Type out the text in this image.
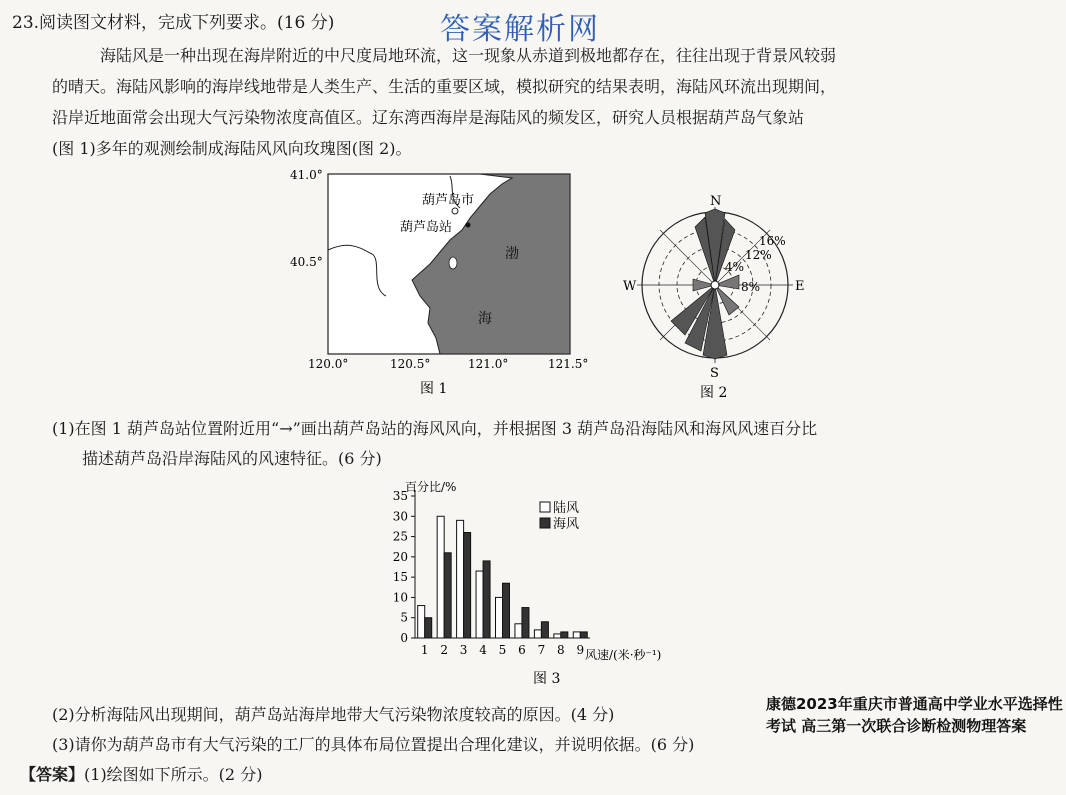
23.阅读图文材料，完成下列要求。(16 分)	答案解析网
海陆风是一种出现在海岸附近的中尺度局地环流，这一现象从赤道到极地都存在，往往出现于背景风较弱
的晴天。海陆风影响的海岸线地带是人类生产、生活的重要区域，模拟研究的结果表明，海陆风环流出现期间，
沿岸近地面常会出现大气污染物浓度高值区。辽东湾西海岸是海陆风的频发区，研究人员根据葫芦岛气象站
(图 1)多年的观测绘制成海陆风风向玫瑰图(图 2)。
葫芦岛市
葫芦岛站
渤
海
41.0°
40.5°
120.0°	120.5°	121.0°	121.5°
图 1
N
E
S
W
16%
12%
8%
4%
图 2
(1)在图 1 葫芦岛站位置附近用“→”画出葫芦岛站的海风风向，并根据图 3 葫芦岛沿海陆风和海风风速百分比
描述葫芦岛沿岸海陆风的风速特征。(6 分)
百分比/%
风速/(米·秒⁻¹)
图 3
0
5
10
15
20
25
30
35
1 2 3 4 5 6 7 8 9
陆风
海风
(2)分析海陆风出现期间，葫芦岛站海岸地带大气污染物浓度较高的原因。(4 分)
(3)请你为葫芦岛市有大气污染的工厂的具体布局位置提出合理化建议，并说明依据。(6 分)
【答案】(1)绘图如下所示。(2 分)
康德2023年重庆市普通高中学业水平选择性考试 高三第一次联合诊断检测物理答案
